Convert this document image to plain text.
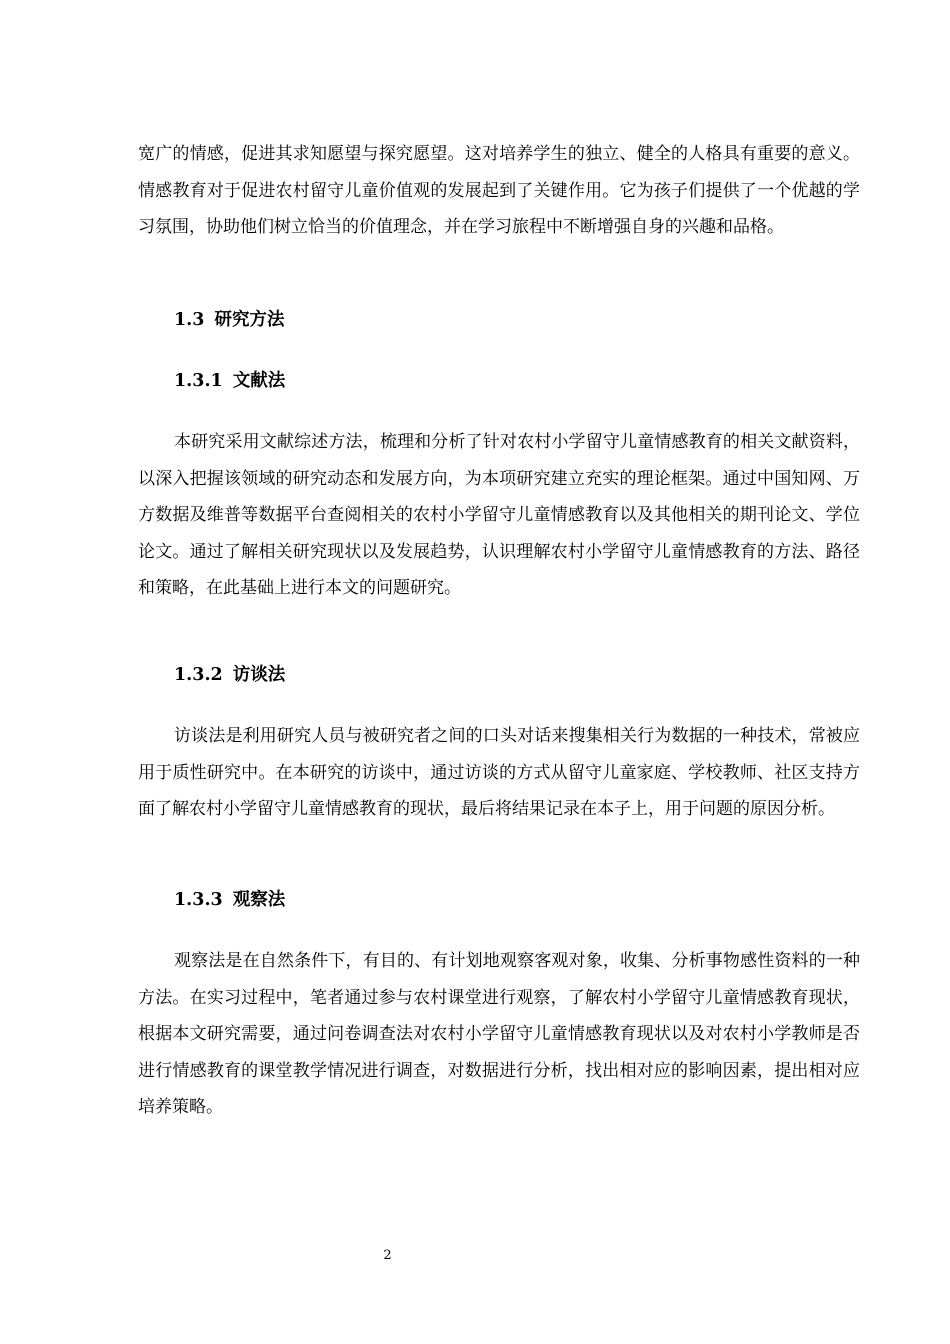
宽广的情感，促进其求知愿望与探究愿望。这对培养学生的独立、健全的人格具有重要的意义。情感教育对于促进农村留守儿童价值观的发展起到了关键作用。它为孩子们提供了一个优越的学习氛围，协助他们树立恰当的价值理念，并在学习旅程中不断增强自身的兴趣和品格。

1.3 研究方法
1.3.1 文献法

本研究采用文献综述方法，梳理和分析了针对农村小学留守儿童情感教育的相关文献资料，以深入把握该领域的研究动态和发展方向，为本项研究建立充实的理论框架。通过中国知网、万方数据及维普等数据平台查阅相关的农村小学留守儿童情感教育以及其他相关的期刊论文、学位论文。通过了解相关研究现状以及发展趋势，认识理解农村小学留守儿童情感教育的方法、路径和策略，在此基础上进行本文的问题研究。

1.3.2 访谈法

访谈法是利用研究人员与被研究者之间的口头对话来搜集相关行为数据的一种技术，常被应用于质性研究中。在本研究的访谈中，通过访谈的方式从留守儿童家庭、学校教师、社区支持方面了解农村小学留守儿童情感教育的现状，最后将结果记录在本子上，用于问题的原因分析。

1.3.3 观察法

观察法是在自然条件下，有目的、有计划地观察客观对象，收集、分析事物感性资料的一种方法。在实习过程中，笔者通过参与农村课堂进行观察，了解农村小学留守儿童情感教育现状，根据本文研究需要，通过问卷调查法对农村小学留守儿童情感教育现状以及对农村小学教师是否进行情感教育的课堂教学情况进行调查，对数据进行分析，找出相对应的影响因素，提出相对应培养策略。

2
